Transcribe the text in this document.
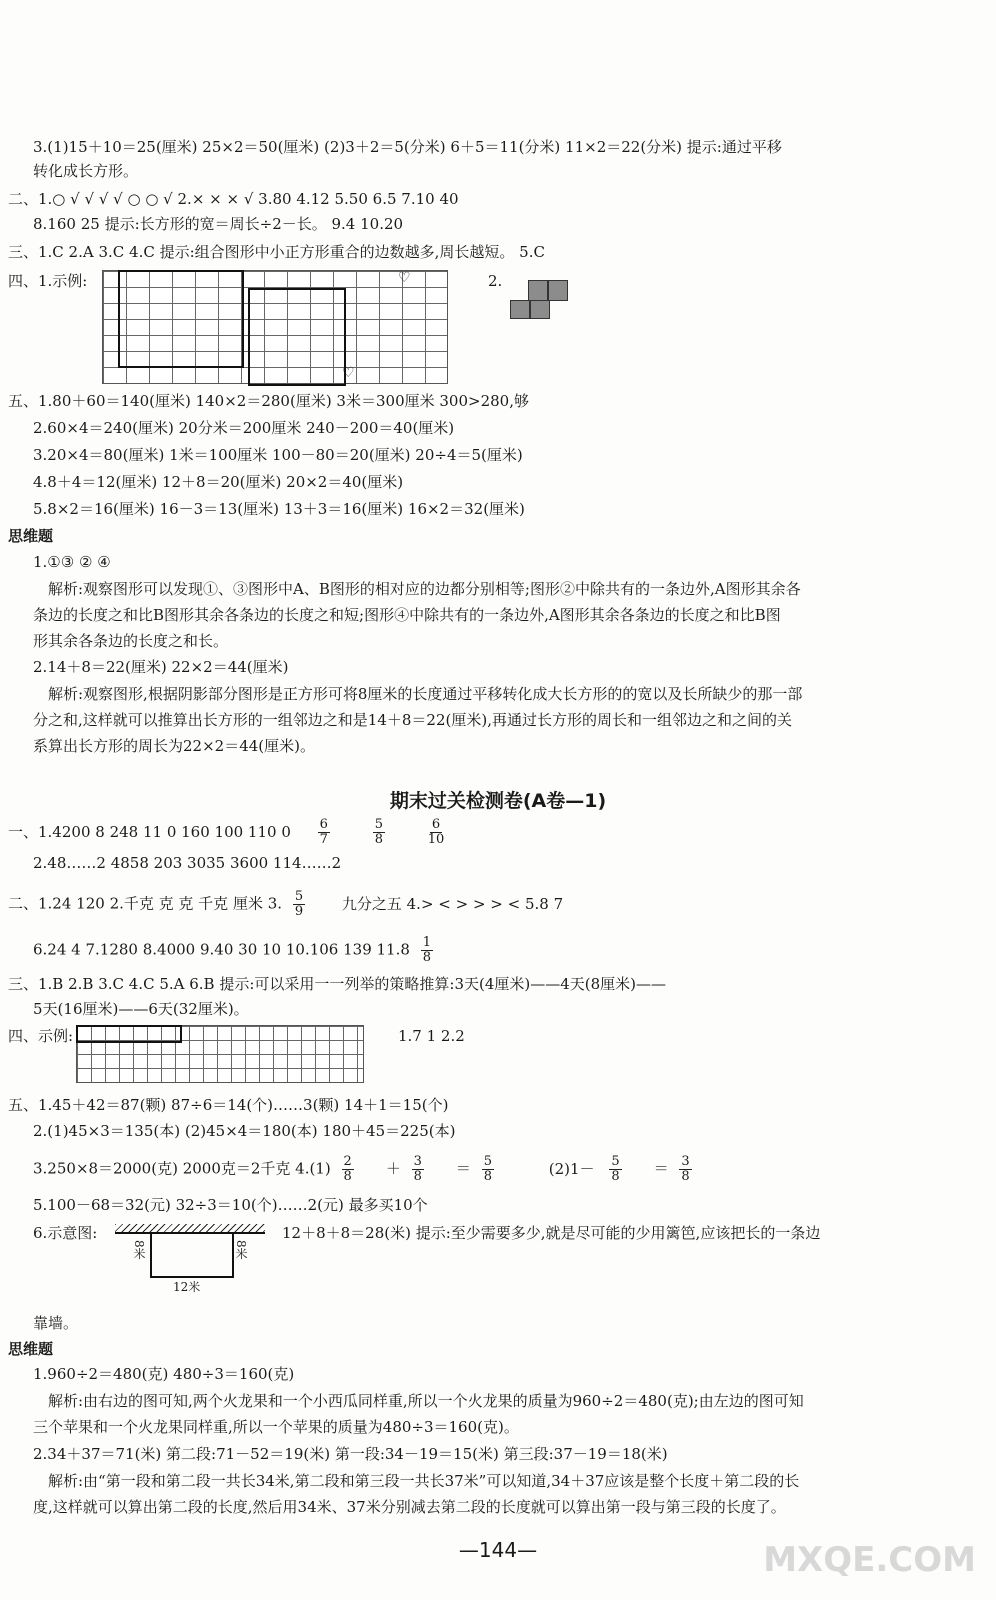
3.(1)15＋10＝25(厘米) 25×2＝50(厘米) (2)3＋2＝5(分米) 6＋5＝11(分米) 11×2＝22(分米) 提示:通过平移
转化成长方形。
二、1.○ √ √ √ √ ○ ○ √ 2.× × × √ 3.80 4.12 5.50 6.5 7.10 40
8.160 25 提示:长方形的宽＝周长÷2－长。 9.4 10.20
三、1.C 2.A 3.C 4.C 提示:组合图形中小正方形重合的边数越多,周长越短。 5.C
四、1.示例:	♡
♡
2.
五、1.80＋60＝140(厘米) 140×2＝280(厘米) 3米＝300厘米 300>280,够
2.60×4＝240(厘米) 20分米＝200厘米 240－200＝40(厘米)
3.20×4＝80(厘米) 1米＝100厘米 100－80＝20(厘米) 20÷4＝5(厘米)
4.8＋4＝12(厘米) 12＋8＝20(厘米) 20×2＝40(厘米)
5.8×2＝16(厘米) 16－3＝13(厘米) 13＋3＝16(厘米) 16×2＝32(厘米)
思维题
1.①③ ② ④
解析:观察图形可以发现①、③图形中A、B图形的相对应的边都分别相等;图形②中除共有的一条边外,A图形其余各
条边的长度之和比B图形其余各条边的长度之和短;图形④中除共有的一条边外,A图形其余各条边的长度之和比B图
形其余各条边的长度之和长。
2.14＋8＝22(厘米) 22×2＝44(厘米)
解析:观察图形,根据阴影部分图形是正方形可将8厘米的长度通过平移转化成大长方形的的宽以及长所缺少的那一部
分之和,这样就可以推算出长方形的一组邻边之和是14＋8＝22(厘米),再通过长方形的周长和一组邻边之和之间的关
系算出长方形的周长为22×2＝44(厘米)。
期末过关检测卷(A卷—1)
一、1.4200 8 248 11 0 160 100 110 $0 \frac{6}{7}$
$\frac{5}{8}$
$\frac{6}{10}$
2.48……2 4858 203 3035 3600 114……2
二、1.24 120 2.千克 克 克 千克 厘米 3. $\frac{5}{9}$ 九分之五 4.> < > > > < 5.8 7
6.24 4 7.1280 8.4000 9.40 30 10 10.106 139 $11.8 \frac{1}{8}$
三、1.B 2.B 3.C 4.C 5.A 6.B 提示:可以采用一一列举的策略推算:3天(4厘米)——4天(8厘米)——
5天(16厘米)——6天(32厘米)。
四、示例:	1.7 1 2.2
五、1.45＋42＝87(颗) 87÷6＝14(个)……3(颗) 14＋1＝15(个)
2.(1)45×3＝135(本) (2)45×4＝180(本) 180＋45＝225(本)
3.250×8＝2000(克) 2000克＝2千克 $4.(1) \frac{2}{8} + \frac{3}{8} = \frac{5}{8}$	$(2)1- \frac{5}{8} = \frac{3}{8}$
5.100－68＝32(元) 32÷3＝10(个)……2(元) 最多买10个
6.示意图:
8米	8米
12米
12＋8＋8＝28(米) 提示:至少需要多少,就是尽可能的少用篱笆,应该把长的一条边
靠墙。
思维题
1.960÷2＝480(克) 480÷3＝160(克)
解析:由右边的图可知,两个火龙果和一个小西瓜同样重,所以一个火龙果的质量为960÷2＝480(克);由左边的图可知
三个苹果和一个火龙果同样重,所以一个苹果的质量为480÷3＝160(克)。
2.34＋37＝71(米) 第二段:71－52＝19(米) 第一段:34－19＝15(米) 第三段:37－19＝18(米)
解析:由“第一段和第二段一共长34米,第二段和第三段一共长37米”可以知道,34＋37应该是整个长度＋第二段的长
度,这样就可以算出第二段的长度,然后用34米、37米分别减去第二段的长度就可以算出第一段与第三段的长度了。
—144—	MXQE.COM
